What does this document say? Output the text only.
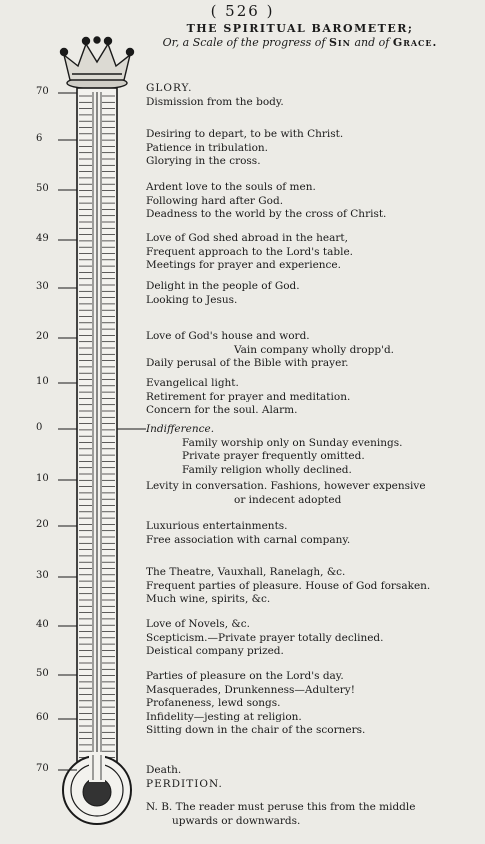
( 526 )
THE SPIRITUAL BAROMETER;
Or, a Scale of the progress of Sin and of Grace.
70
6
50
49
30
20
10
0
10
20
30
40
50
60
70
GLORY.
Dismission from the body.
Desiring to depart, to be with Christ.
Patience in tribulation.
Glorying in the cross.
Ardent love to the souls of men.
Following hard after God.
Deadness to the world by the cross of Christ.
Love of God shed abroad in the heart,
Frequent approach to the Lord's table.
Meetings for prayer and experience.
Delight in the people of God.
Looking to Jesus.
Love of God's house and word.
Vain company wholly dropp'd.
Daily perusal of the Bible with prayer.
Evangelical light.
Retirement for prayer and meditation.
Concern for the soul. Alarm.
Indifference.
Family worship only on Sunday evenings.
Private prayer frequently omitted.
Family religion wholly declined.
Levity in conversation. Fashions, however expensive
or indecent adopted
Luxurious entertainments.
Free association with carnal company.
The Theatre, Vauxhall, Ranelagh, &c.
Frequent parties of pleasure. House of God forsaken.
Much wine, spirits, &c.
Love of Novels, &c.
Scepticism.—Private prayer totally declined.
Deistical company prized.
Parties of pleasure on the Lord's day.
Masquerades, Drunkenness—Adultery!
Profaneness, lewd songs.
Infidelity—jesting at religion.
Sitting down in the chair of the scorners.
Death.
PERDITION.
N. B. The reader must peruse this from the middle
upwards or downwards.
